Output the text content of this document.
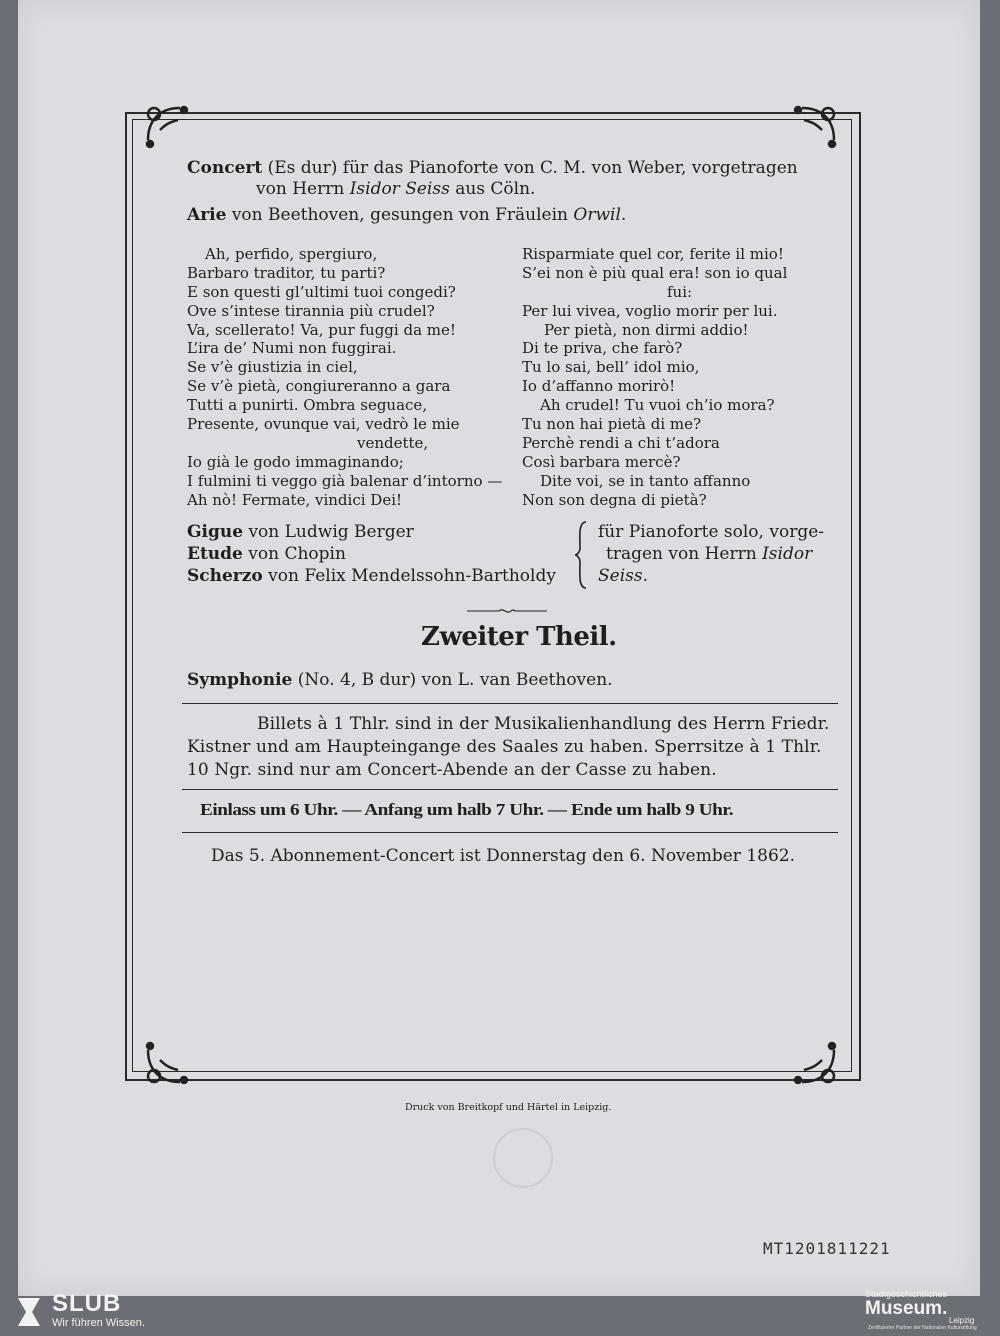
Concert (Es dur) für das Pianoforte von C. M. von Weber, vorgetragen
von Herrn Isidor Seiss aus Cöln.
Arie von Beethoven, gesungen von Fräulein Orwil.
Ah, perfido, spergiuro,
Barbaro traditor, tu parti?
E son questi gl’ultimi tuoi congedi?
Ove s’intese tirannia più crudel?
Va, scellerato! Va, pur fuggi da me!
L’ira de’ Numi non fuggirai.
Se v’è giustizia in ciel,
Se v’è pietà, congiureranno a gara
Tutti a punirti. Ombra seguace,
Presente, ovunque vai, vedrò le mie
vendette,
Io già le godo immaginando;
I fulmini ti veggo già balenar d’intorno —
Ah nò! Fermate, vindici Dei!
Risparmiate quel cor, ferite il mio!
S’ei non è più qual era! son io qual
fui:
Per lui vivea, voglio morir per lui.
Per pietà, non dirmi addio!
Di te priva, che farò?
Tu lo sai, bell’ idol mio,
Io d’affanno morirò!
Ah crudel! Tu vuoi ch’io mora?
Tu non hai pietà di me?
Perchè rendi a chi t’adora
Così barbara mercè?
Dite voi, se in tanto affanno
Non son degna di pietà?
Gigue von Ludwig Berger
Etude von Chopin
Scherzo von Felix Mendelssohn-Bartholdy
für Pianoforte solo, vorge-
tragen von Herrn Isidor
Seiss.
Zweiter Theil.
Symphonie (No. 4, B dur) von L. van Beethoven.
Billets à 1 Thlr. sind in der Musikalienhandlung des Herrn Friedr.
Kistner und am Haupteingange des Saales zu haben. Sperrsitze à 1 Thlr.
10 Ngr. sind nur am Concert-Abende an der Casse zu haben.
Einlass um 6 Uhr. — Anfang um halb 7 Uhr. — Ende um halb 9 Uhr.
Das 5. Abonnement-Concert ist Donnerstag den 6. November 1862.
Druck von Breitkopf und Härtel in Leipzig.
MT1201811221
SLUB
Wir führen Wissen.
Stadtgeschichtliches
Museum.
Leipzig
Zertifizierter Partner der Nationalen Kulturstiftung
